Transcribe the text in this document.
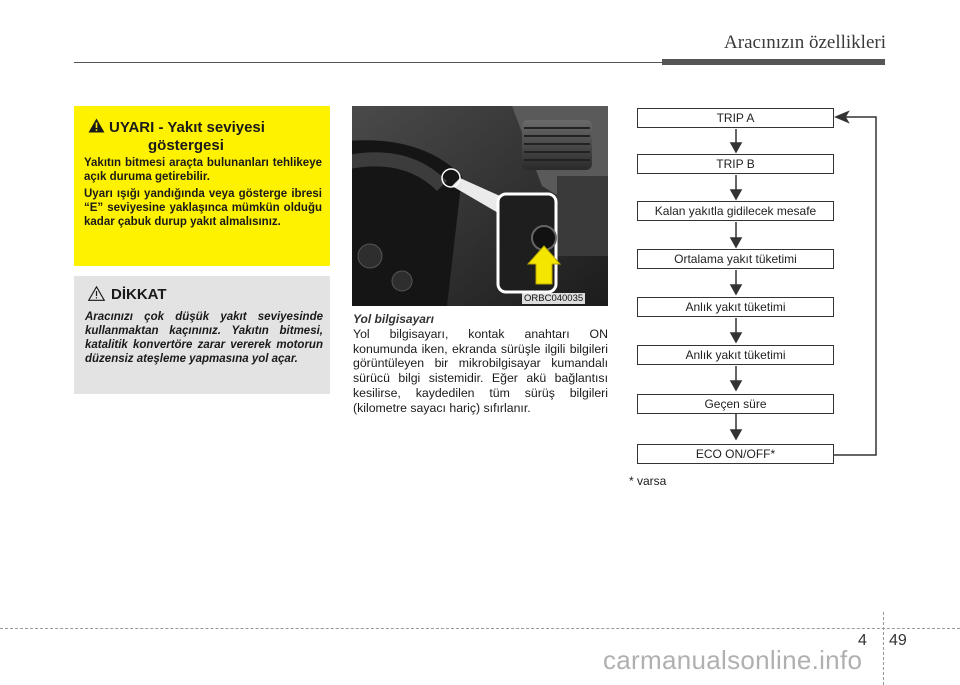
Aracınızın özellikleri
UYARI - Yakıt seviyesi
göstergesi

Yakıtın bitmesi araçta bulunanları tehlikeye açık duruma getirebilir.

Uyarı ışığı yandığında veya gösterge ibresi “E” seviyesine yaklaşınca mümkün olduğu kadar çabuk durup yakıt almalısınız.

DİKKAT
Aracınızı çok düşük yakıt seviyesinde kullanmaktan kaçınınız. Yakıtın bitmesi, katalitik konvertöre zarar vererek motorun düzensiz ateşleme yapmasına yol açar.
ORBC040035
Yol bilgisayarı
Yol bilgisayarı, kontak anahtarı ON konumunda iken, ekranda sürüşle ilgili bilgileri görüntüleyen bir mikrobilgisayar kumandalı sürücü bilgi sistemidir. Eğer akü bağlantısı kesilirse, kaydedilen tüm sürüş bilgileri (kilometre sayacı hariç) sıfırlanır.
TRIP A
TRIP B
Kalan yakıtla gidilecek mesafe
Ortalama yakıt tüketimi
Anlık yakıt tüketimi
Anlık yakıt tüketimi
Geçen süre
ECO ON/OFF*
* varsa
4 49
carmanualsonline.info
